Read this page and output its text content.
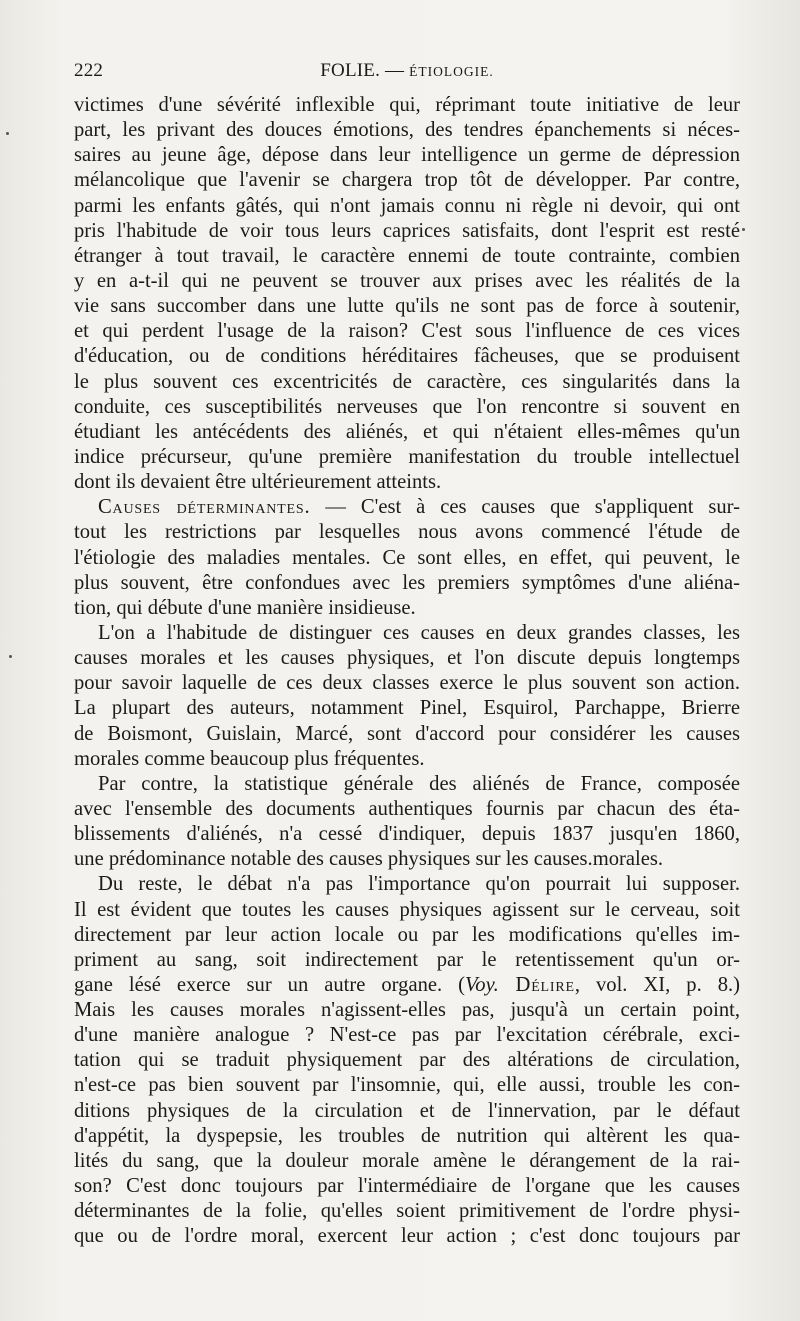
222	FOLIE. — ÉTIOLOGIE.
victimes d'une sévérité inflexible qui, réprimant toute initiative de leur
part, les privant des douces émotions, des tendres épanchements si néces-
saires au jeune âge, dépose dans leur intelligence un germe de dépression
mélancolique que l'avenir se chargera trop tôt de développer. Par contre,
parmi les enfants gâtés, qui n'ont jamais connu ni règle ni devoir, qui ont
pris l'habitude de voir tous leurs caprices satisfaits, dont l'esprit est resté
étranger à tout travail, le caractère ennemi de toute contrainte, combien
y en a-t-il qui ne peuvent se trouver aux prises avec les réalités de la
vie sans succomber dans une lutte qu'ils ne sont pas de force à soutenir,
et qui perdent l'usage de la raison? C'est sous l'influence de ces vices
d'éducation, ou de conditions héréditaires fâcheuses, que se produisent
le plus souvent ces excentricités de caractère, ces singularités dans la
conduite, ces susceptibilités nerveuses que l'on rencontre si souvent en
étudiant les antécédents des aliénés, et qui n'étaient elles-mêmes qu'un
indice précurseur, qu'une première manifestation du trouble intellectuel
dont ils devaient être ultérieurement atteints.
Causes déterminantes. — C'est à ces causes que s'appliquent sur-
tout les restrictions par lesquelles nous avons commencé l'étude de
l'étiologie des maladies mentales. Ce sont elles, en effet, qui peuvent, le
plus souvent, être confondues avec les premiers symptômes d'une aliéna-
tion, qui débute d'une manière insidieuse.
L'on a l'habitude de distinguer ces causes en deux grandes classes, les
causes morales et les causes physiques, et l'on discute depuis longtemps
pour savoir laquelle de ces deux classes exerce le plus souvent son action.
La plupart des auteurs, notamment Pinel, Esquirol, Parchappe, Brierre
de Boismont, Guislain, Marcé, sont d'accord pour considérer les causes
morales comme beaucoup plus fréquentes.
Par contre, la statistique générale des aliénés de France, composée
avec l'ensemble des documents authentiques fournis par chacun des éta-
blissements d'aliénés, n'a cessé d'indiquer, depuis 1837 jusqu'en 1860,
une prédominance notable des causes physiques sur les causes.morales.
Du reste, le débat n'a pas l'importance qu'on pourrait lui supposer.
Il est évident que toutes les causes physiques agissent sur le cerveau, soit
directement par leur action locale ou par les modifications qu'elles im-
priment au sang, soit indirectement par le retentissement qu'un or-
gane lésé exerce sur un autre organe. (Voy. Délire, vol. XI, p. 8.)
Mais les causes morales n'agissent-elles pas, jusqu'à un certain point,
d'une manière analogue ? N'est-ce pas par l'excitation cérébrale, exci-
tation qui se traduit physiquement par des altérations de circulation,
n'est-ce pas bien souvent par l'insomnie, qui, elle aussi, trouble les con-
ditions physiques de la circulation et de l'innervation, par le défaut
d'appétit, la dyspepsie, les troubles de nutrition qui altèrent les qua-
lités du sang, que la douleur morale amène le dérangement de la rai-
son? C'est donc toujours par l'intermédiaire de l'organe que les causes
déterminantes de la folie, qu'elles soient primitivement de l'ordre physi-
que ou de l'ordre moral, exercent leur action ; c'est donc toujours par
